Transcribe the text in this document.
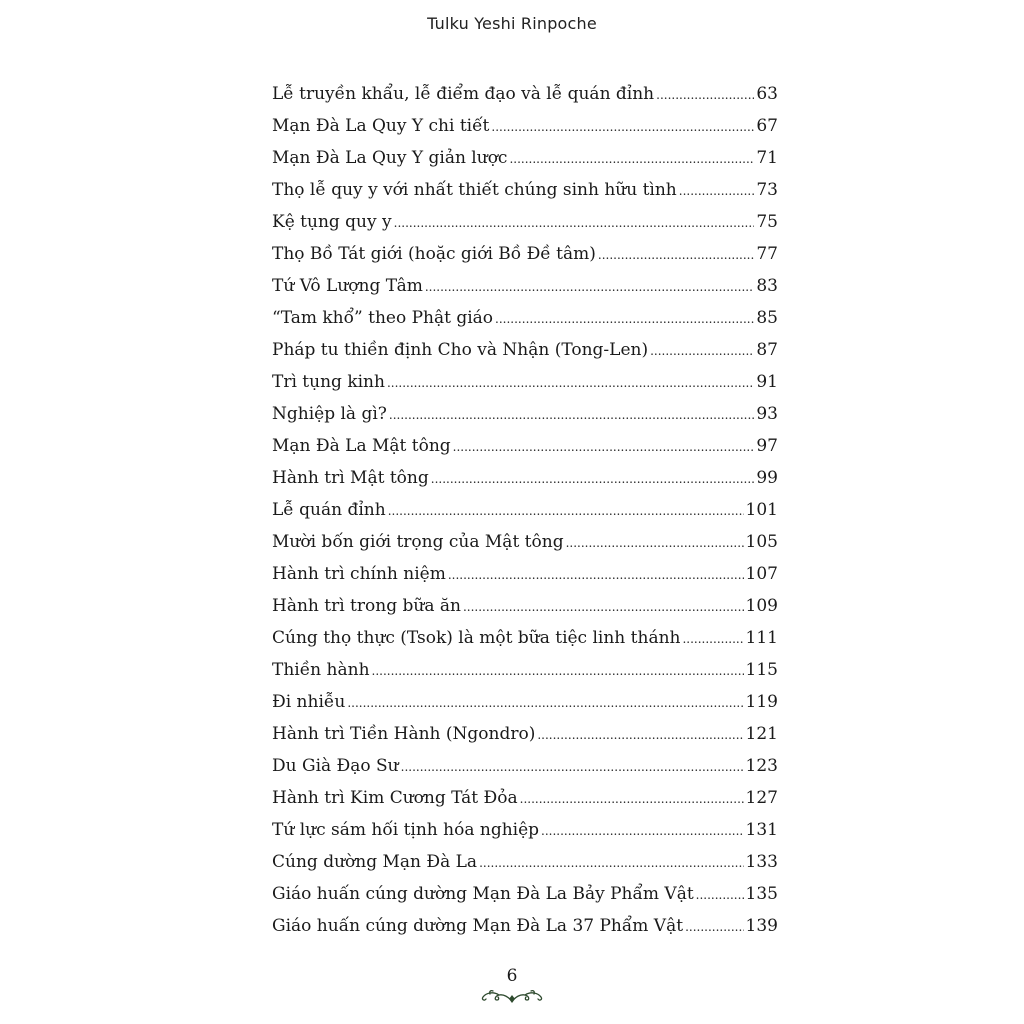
Tulku Yeshi Rinpoche
Lễ truyền khẩu, lễ điểm đạo và lễ quán đỉnh .....	63
Mạn Đà La Quy Y chi tiết .....	67
Mạn Đà La Quy Y giản lược .....	71
Thọ lễ quy y với nhất thiết chúng sinh hữu tình .....	73
Kệ tụng quy y .....	75
Thọ Bồ Tát giới (hoặc giới Bồ Đề tâm) .....	77
Tứ Vô Lượng Tâm .....	83
“Tam khổ” theo Phật giáo .....	85
Pháp tu thiền định Cho và Nhận (Tong-Len) .....	87
Trì tụng kinh .....	91
Nghiệp là gì? .....	93
Mạn Đà La Mật tông .....	97
Hành trì Mật tông .....	99
Lễ quán đỉnh .....	101
Mười bốn giới trọng của Mật tông .....	105
Hành trì chính niệm .....	107
Hành trì trong bữa ăn .....	109
Cúng thọ thực (Tsok) là một bữa tiệc linh thánh .....	111
Thiền hành .....	115
Đi nhiễu .....	119
Hành trì Tiền Hành (Ngondro) .....	121
Du Già Đạo Sư .....	123
Hành trì Kim Cương Tát Đỏa .....	127
Tứ lực sám hối tịnh hóa nghiệp .....	131
Cúng dường Mạn Đà La .....	133
Giáo huấn cúng dường Mạn Đà La Bảy Phẩm Vật .....	135
Giáo huấn cúng dường Mạn Đà La 37 Phẩm Vật .....	139
6
